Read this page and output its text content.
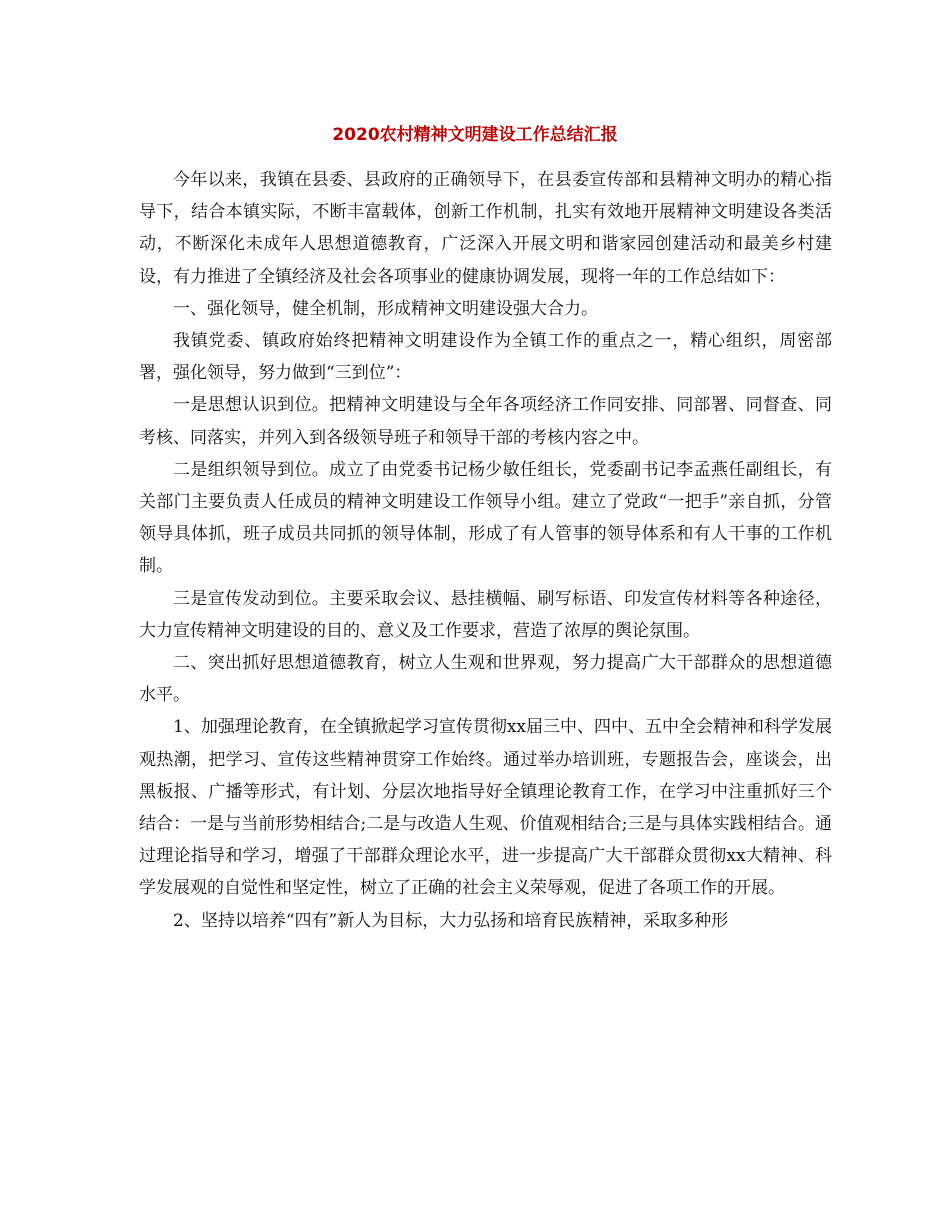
2020农村精神文明建设工作总结汇报

今年以来，我镇在县委、县政府的正确领导下，在县委宣传部和县精神文明办的精心指导下，结合本镇实际，不断丰富载体，创新工作机制，扎实有效地开展精神文明建设各类活动，不断深化未成年人思想道德教育，广泛深入开展文明和谐家园创建活动和最美乡村建设，有力推进了全镇经济及社会各项事业的健康协调发展，现将一年的工作总结如下：

一、强化领导，健全机制，形成精神文明建设强大合力。

我镇党委、镇政府始终把精神文明建设作为全镇工作的重点之一，精心组织，周密部署，强化领导，努力做到“三到位”：

一是思想认识到位。把精神文明建设与全年各项经济工作同安排、同部署、同督查、同考核、同落实，并列入到各级领导班子和领导干部的考核内容之中。

二是组织领导到位。成立了由党委书记杨少敏任组长，党委副书记李孟燕任副组长，有关部门主要负责人任成员的精神文明建设工作领导小组。建立了党政“一把手”亲自抓，分管领导具体抓，班子成员共同抓的领导体制，形成了有人管事的领导体系和有人干事的工作机制。

三是宣传发动到位。主要采取会议、悬挂横幅、刷写标语、印发宣传材料等各种途径，大力宣传精神文明建设的目的、意义及工作要求，营造了浓厚的舆论氛围。

二、突出抓好思想道德教育，树立人生观和世界观，努力提高广大干部群众的思想道德水平。

1、加强理论教育，在全镇掀起学习宣传贯彻xx届三中、四中、五中全会精神和科学发展观热潮，把学习、宣传这些精神贯穿工作始终。通过举办培训班，专题报告会，座谈会，出黑板报、广播等形式，有计划、分层次地指导好全镇理论教育工作，在学习中注重抓好三个结合：一是与当前形势相结合;二是与改造人生观、价值观相结合;三是与具体实践相结合。通过理论指导和学习，增强了干部群众理论水平，进一步提高广大干部群众贯彻xx大精神、科学发展观的自觉性和坚定性，树立了正确的社会主义荣辱观，促进了各项工作的开展。

2、坚持以培养“四有”新人为目标，大力弘扬和培育民族精神，采取多种形
